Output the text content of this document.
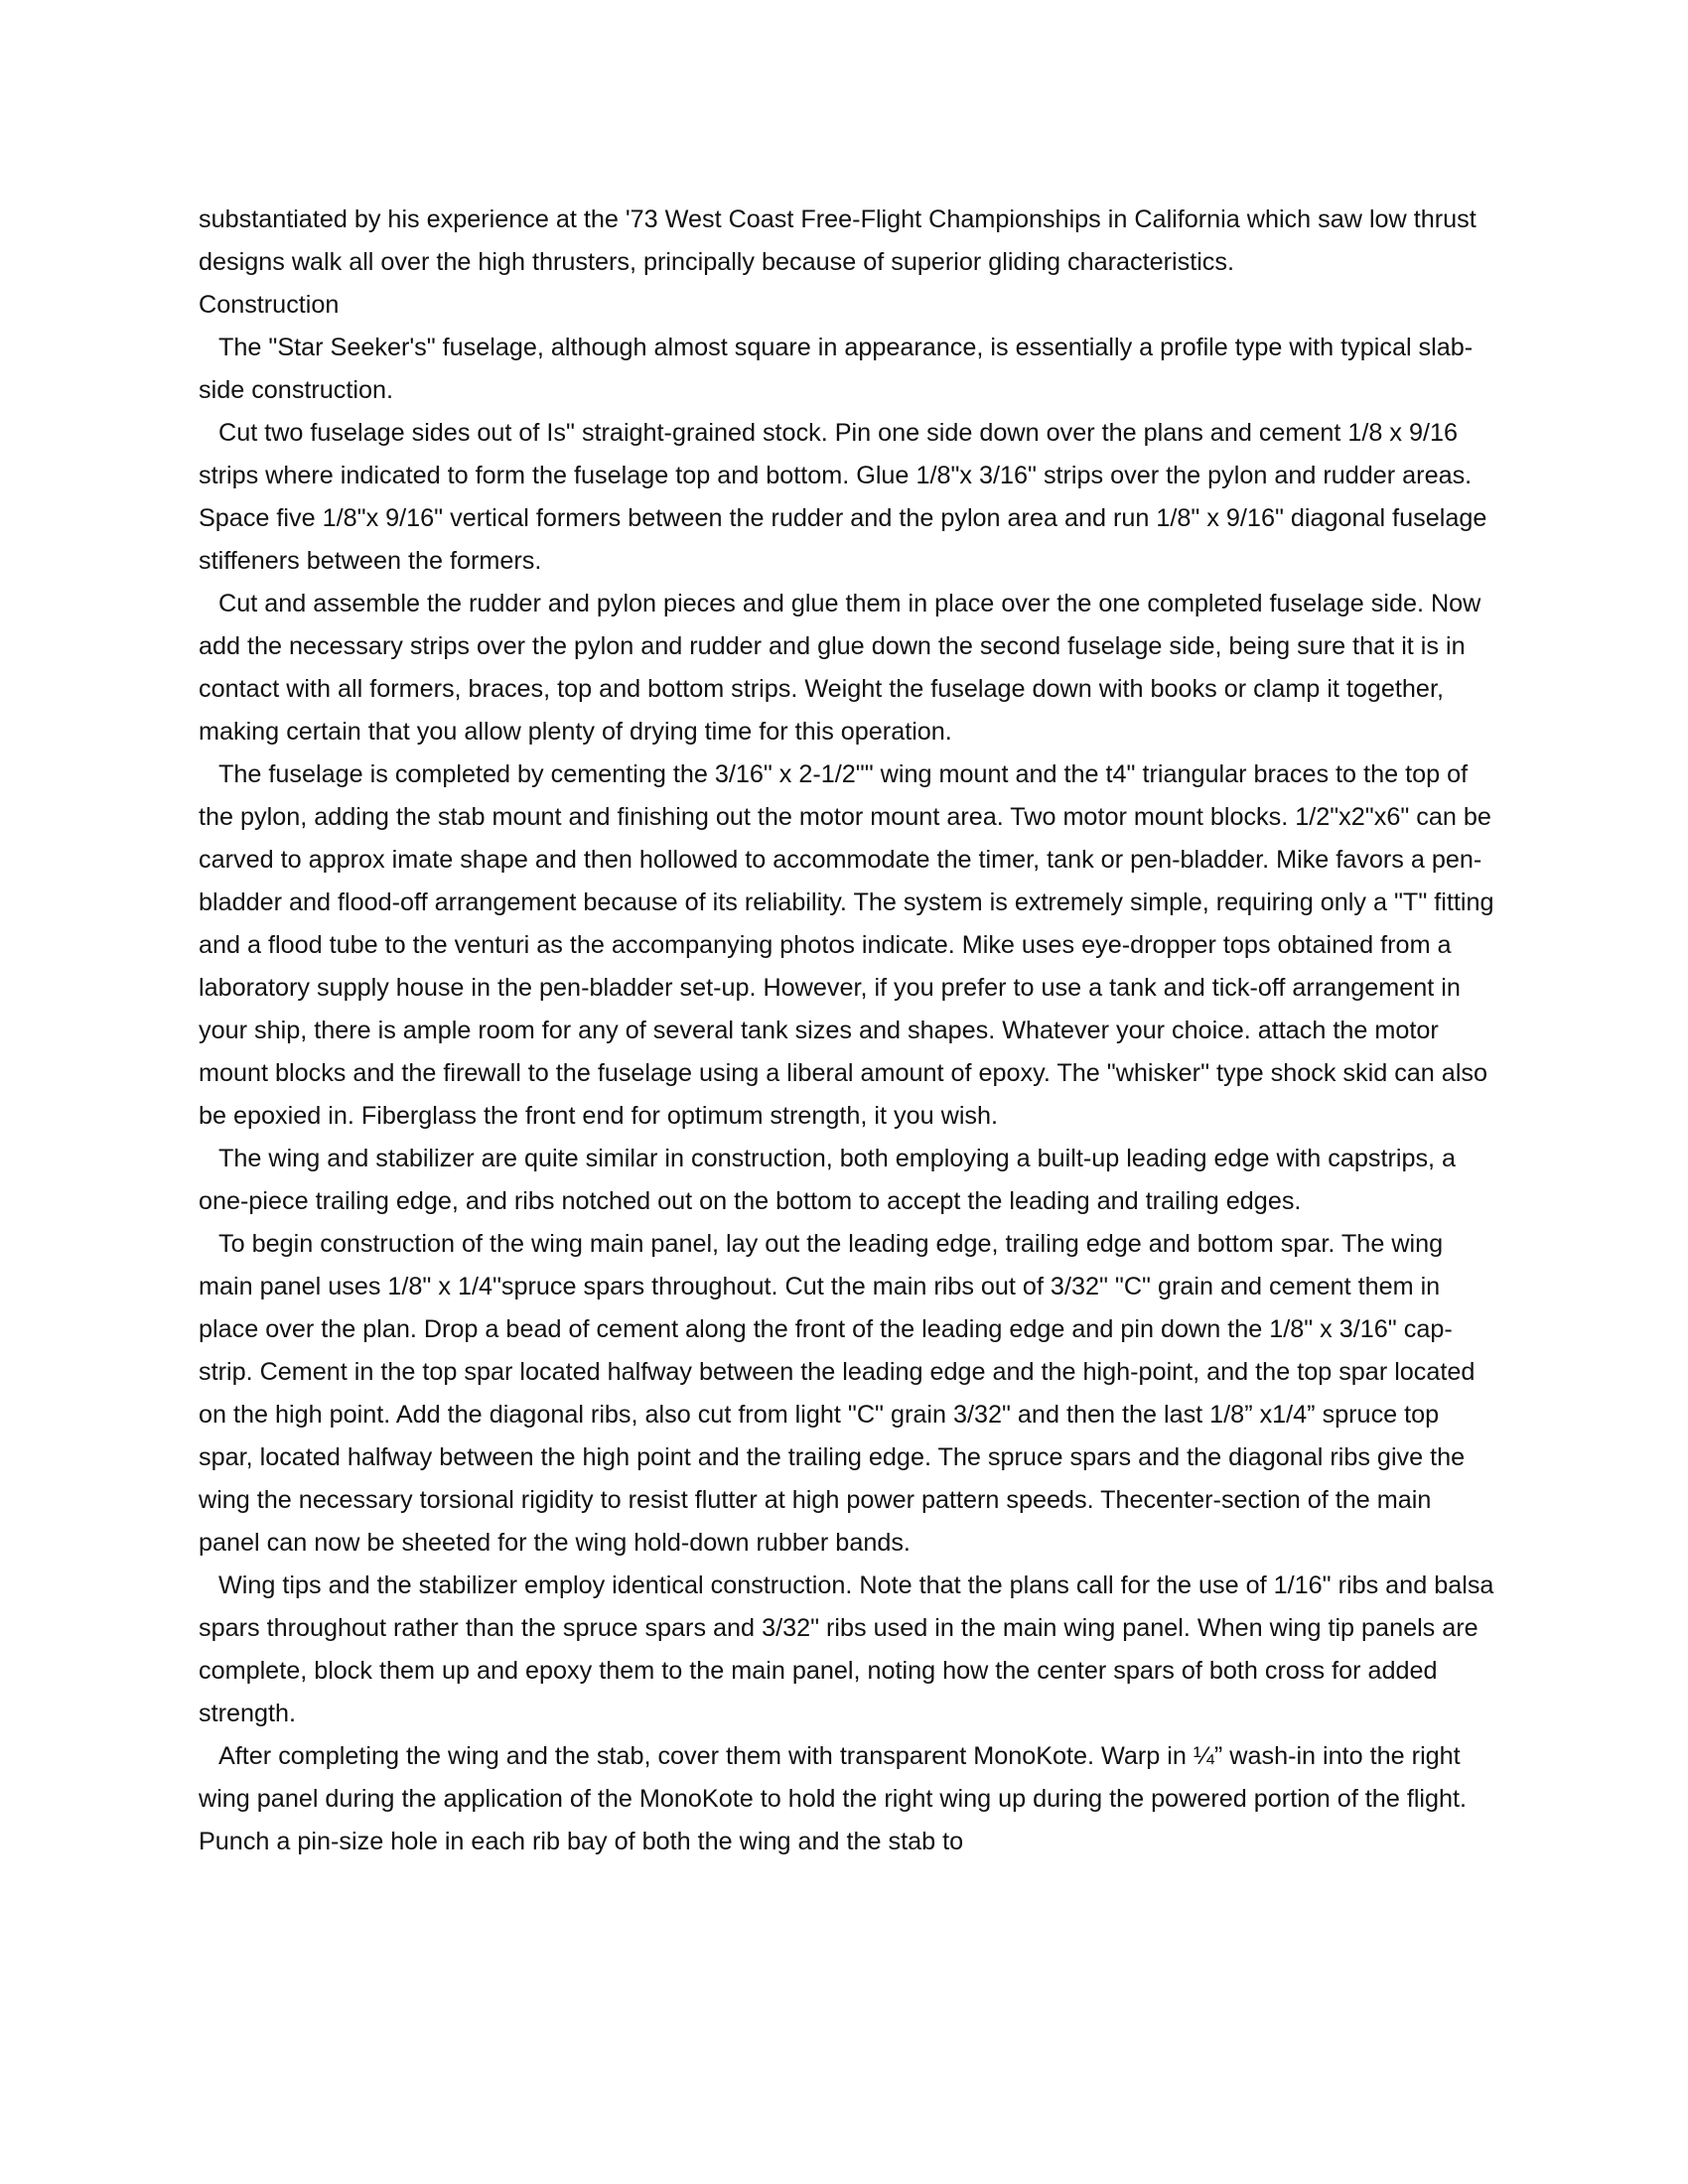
substantiated by his experience at the '73 West Coast Free-Flight Championships in California which saw low thrust designs walk all over the high thrusters, principally because of superior gliding characteristics.

Construction

The "Star Seeker's" fuselage, although almost square in appearance, is essentially a profile type with typical slab-side construction.

Cut two fuselage sides out of Is" straight-grained stock. Pin one side down over the plans and cement 1/8 x 9/16 strips where indicated to form the fuselage top and bottom. Glue 1/8"x 3/16" strips over the pylon and rudder areas. Space five 1/8"x 9/16" vertical formers between the rudder and the pylon area and run 1/8" x 9/16" diagonal fuselage stiffeners between the formers.

Cut and assemble the rudder and pylon pieces and glue them in place over the one completed fuselage side. Now add the necessary strips over the pylon and rudder and glue down the second fuselage side, being sure that it is in contact with all formers, braces, top and bottom strips. Weight the fuselage down with books or clamp it together, making certain that you allow plenty of drying time for this operation.

The fuselage is completed by cementing the 3/16" x 2-1/2"" wing mount and the t4" triangular braces to the top of the pylon, adding the stab mount and finishing out the motor mount area. Two motor mount blocks. 1/2"x2"x6" can be carved to approx imate shape and then hollowed to accommodate the timer, tank or pen-bladder. Mike favors a pen-bladder and flood-off arrangement because of its reliability. The system is extremely simple, requiring only a "T" fitting and a flood tube to the venturi as the accompanying photos indicate. Mike uses eye-dropper tops obtained from a laboratory supply house in the pen-bladder set-up. However, if you prefer to use a tank and tick-off arrangement in your ship, there is ample room for any of several tank sizes and shapes. Whatever your choice. attach the motor mount blocks and the firewall to the fuselage using a liberal amount of epoxy. The "whisker" type shock skid can also be epoxied in. Fiberglass the front end for optimum strength, it you wish.

The wing and stabilizer are quite similar in construction, both employing a built-up leading edge with capstrips, a one-piece trailing edge, and ribs notched out on the bottom to accept the leading and trailing edges.

To begin construction of the wing main panel, lay out the leading edge, trailing edge and bottom spar. The wing main panel uses 1/8" x 1/4"spruce spars throughout. Cut the main ribs out of 3/32" "C" grain and cement them in place over the plan. Drop a bead of cement along the front of the leading edge and pin down the 1/8" x 3/16" cap-strip. Cement in the top spar located halfway between the leading edge and the high-point, and the top spar located on the high point. Add the diagonal ribs, also cut from light "C" grain 3/32" and then the last 1/8” x1/4” spruce top spar, located halfway between the high point and the trailing edge. The spruce spars and the diagonal ribs give the wing the necessary torsional rigidity to resist flutter at high power pattern speeds. Thecenter-section of the main panel can now be sheeted for the wing hold-down rubber bands.

Wing tips and the stabilizer employ identical construction. Note that the plans call for the use of 1/16" ribs and balsa spars throughout rather than the spruce spars and 3/32" ribs used in the main wing panel. When wing tip panels are complete, block them up and epoxy them to the main panel, noting how the center spars of both cross for added strength.

After completing the wing and the stab, cover them with transparent MonoKote. Warp in ¼” wash-in into the right wing panel during the application of the MonoKote to hold the right wing up during the powered portion of the flight. Punch a pin-size hole in each rib bay of both the wing and the stab to
